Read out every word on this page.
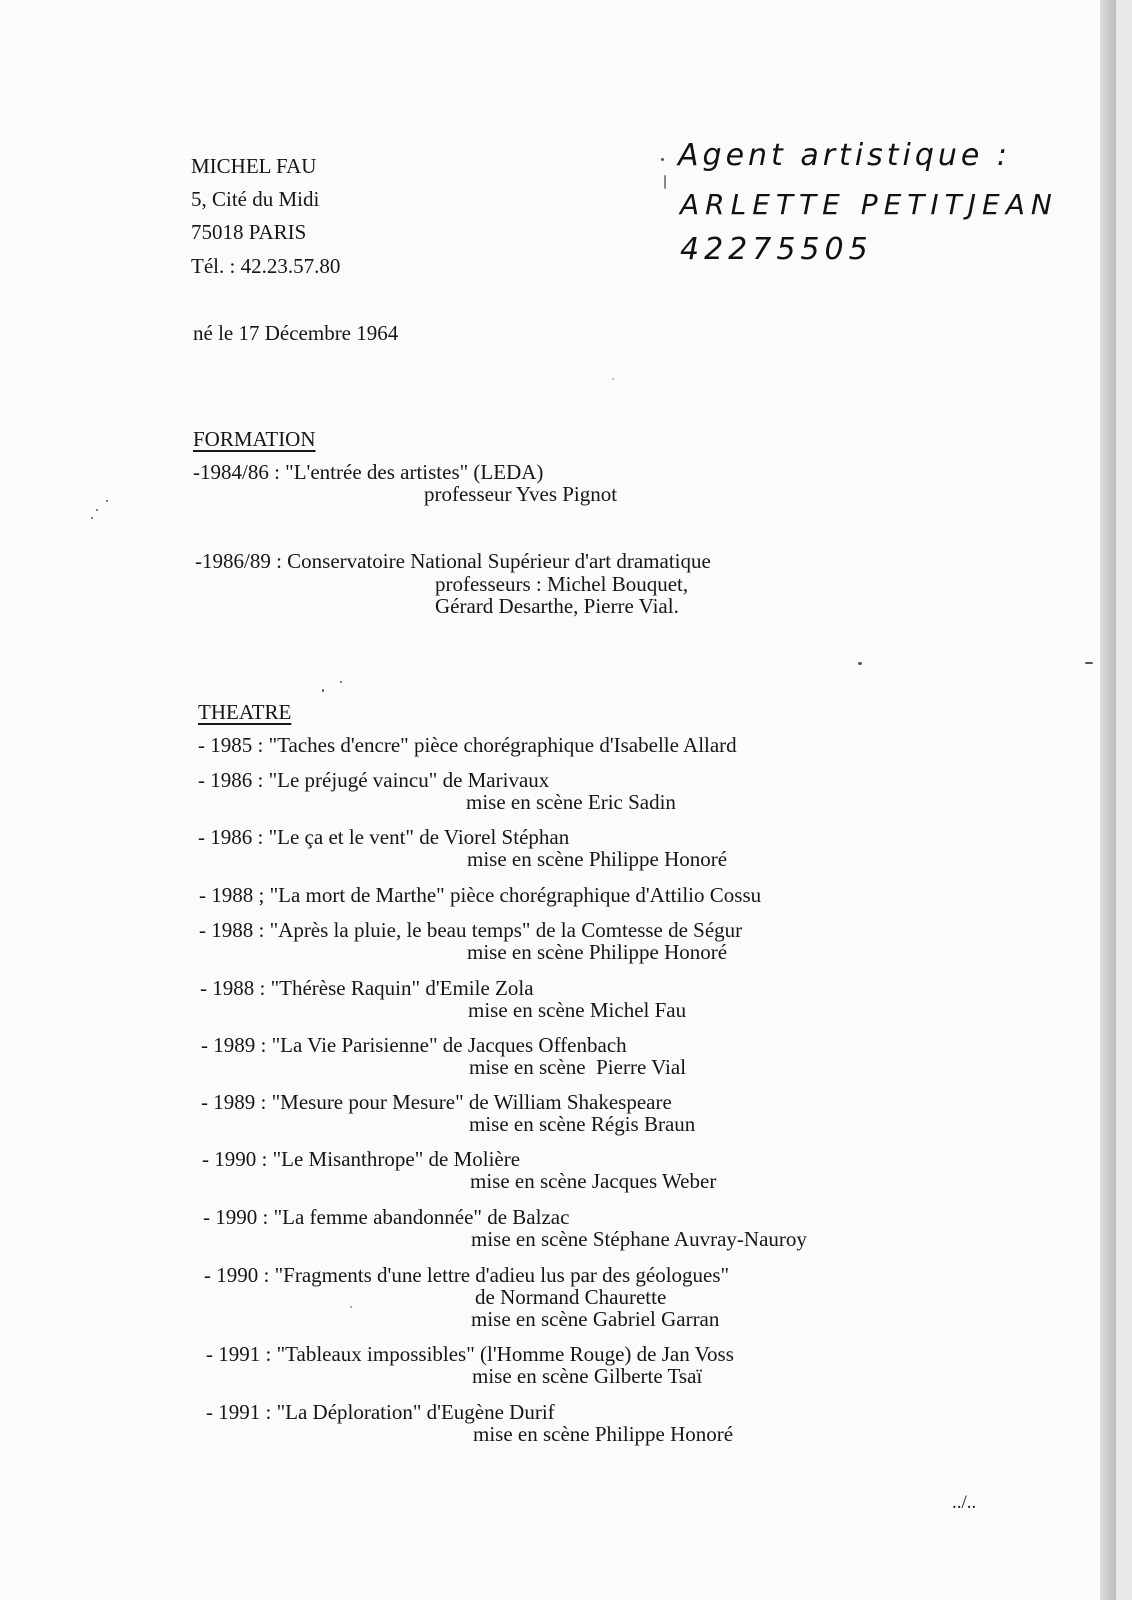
MICHEL FAU
5, Cité du Midi
75018 PARIS
Tél. : 42.23.57.80
Agent artistique :
ARLETTE PETITJEAN
42275505
né le 17 Décembre 1964
FORMATION
-1984/86 : "L'entrée des artistes" (LEDA)
professeur Yves Pignot
-1986/89 : Conservatoire National Supérieur d'art dramatique
professeurs : Michel Bouquet,
Gérard Desarthe, Pierre Vial.
THEATRE
- 1985 : "Taches d'encre" pièce chorégraphique d'Isabelle Allard
- 1986 : "Le préjugé vaincu" de Marivaux
mise en scène Eric Sadin
- 1986 : "Le ça et le vent" de Viorel Stéphan
mise en scène Philippe Honoré
- 1988 ; "La mort de Marthe" pièce chorégraphique d'Attilio Cossu
- 1988 : "Après la pluie, le beau temps" de la Comtesse de Ségur
mise en scène Philippe Honoré
- 1988 : "Thérèse Raquin" d'Emile Zola
mise en scène Michel Fau
- 1989 : "La Vie Parisienne" de Jacques Offenbach
mise en scène  Pierre Vial
- 1989 : "Mesure pour Mesure" de William Shakespeare
mise en scène Régis Braun
- 1990 : "Le Misanthrope" de Molière
mise en scène Jacques Weber
- 1990 : "La femme abandonnée" de Balzac
mise en scène Stéphane Auvray-Nauroy
- 1990 : "Fragments d'une lettre d'adieu lus par des géologues"
de Normand Chaurette
mise en scène Gabriel Garran
- 1991 : "Tableaux impossibles" (l'Homme Rouge) de Jan Voss
mise en scène Gilberte Tsaï
- 1991 : "La Déploration" d'Eugène Durif
mise en scène Philippe Honoré
../..
